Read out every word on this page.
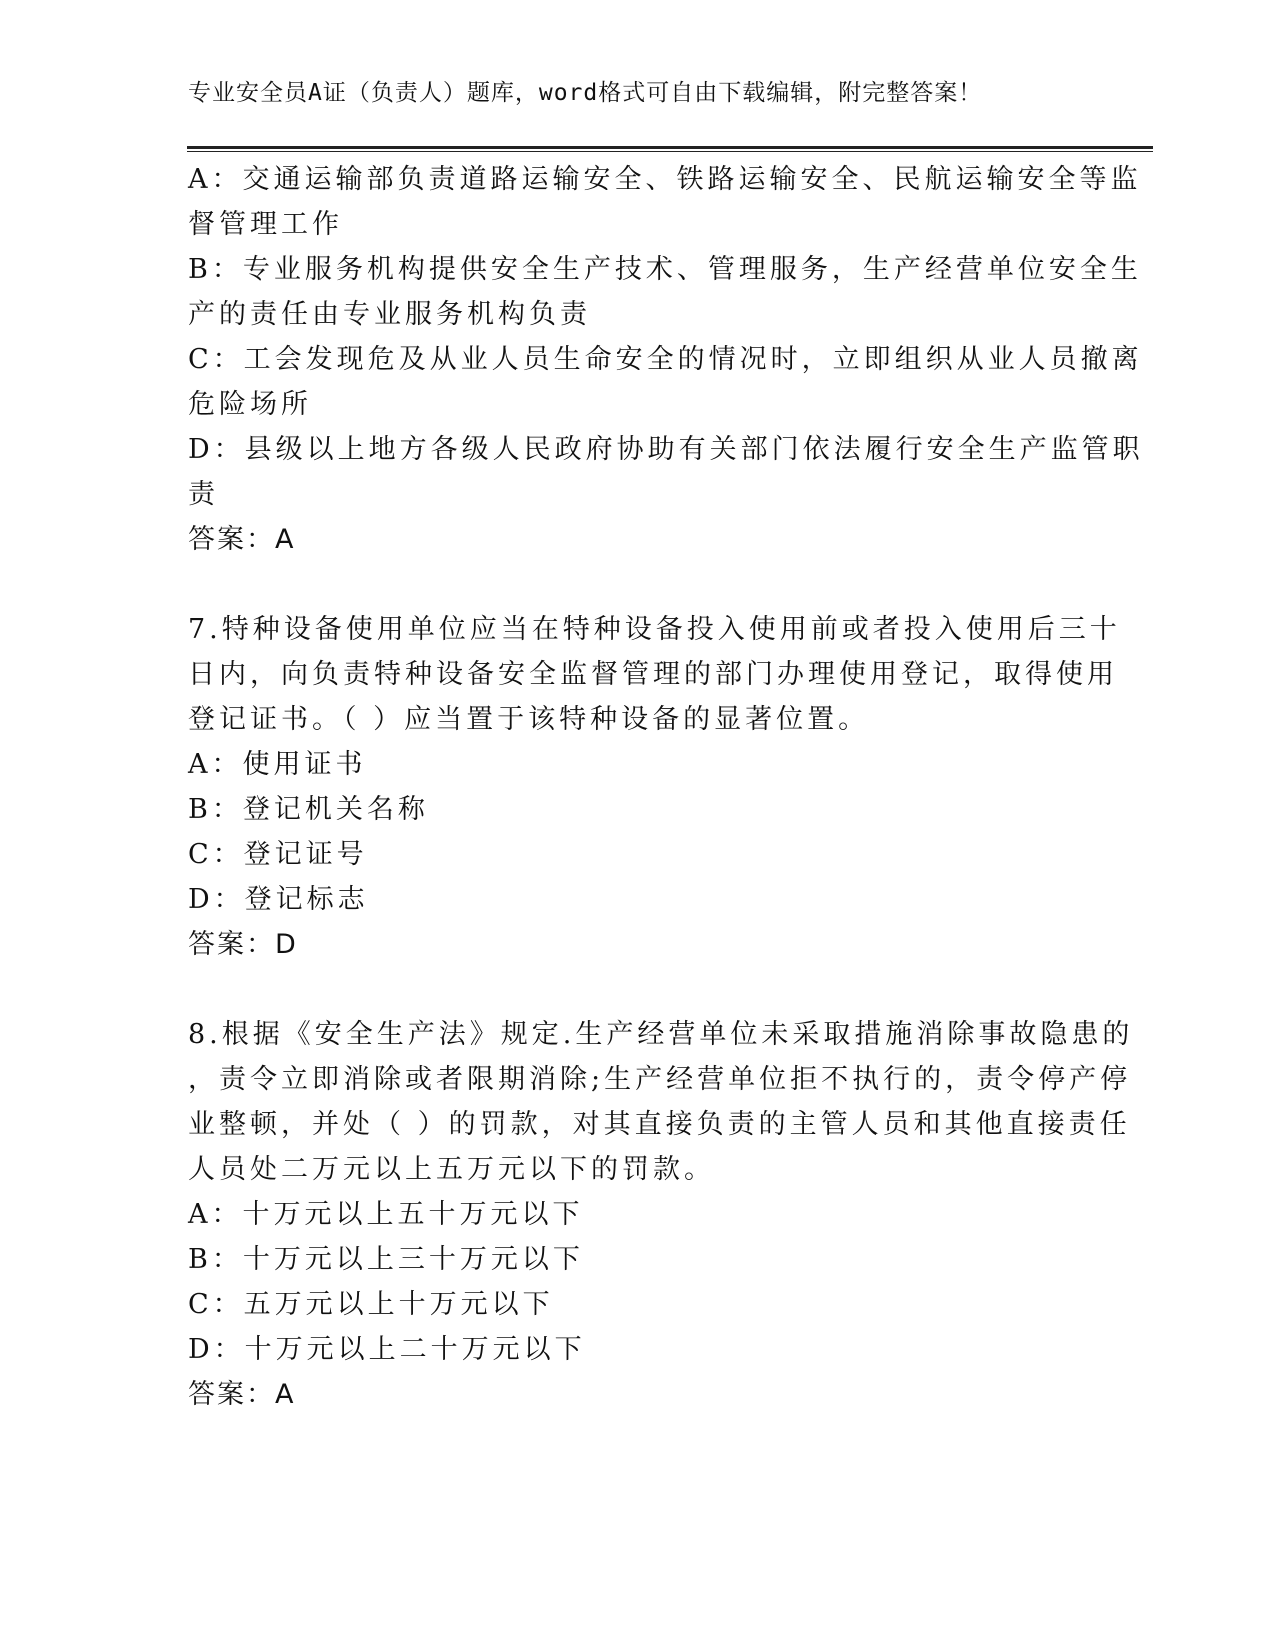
专业安全员A证（负责人）题库，word格式可自由下载编辑，附完整答案！

A：交通运输部负责道路运输安全、铁路运输安全、民航运输安全等监

督管理工作

B：专业服务机构提供安全生产技术、管理服务，生产经营单位安全生

产的责任由专业服务机构负责

C：工会发现危及从业人员生命安全的情况时，立即组织从业人员撤离

危险场所

D：县级以上地方各级人民政府协助有关部门依法履行安全生产监管职

责

答案：A

7.特种设备使用单位应当在特种设备投入使用前或者投入使用后三十

日内，向负责特种设备安全监督管理的部门办理使用登记，取得使用

登记证书。（ ）应当置于该特种设备的显著位置。

A：使用证书

B：登记机关名称

C：登记证号

D：登记标志

答案：D

8.根据《安全生产法》规定.生产经营单位未采取措施消除事故隐患的

，责令立即消除或者限期消除;生产经营单位拒不执行的，责令停产停

业整顿，并处（ ）的罚款，对其直接负责的主管人员和其他直接责任

人员处二万元以上五万元以下的罚款。

A：十万元以上五十万元以下

B：十万元以上三十万元以下

C：五万元以上十万元以下

D：十万元以上二十万元以下

答案：A
